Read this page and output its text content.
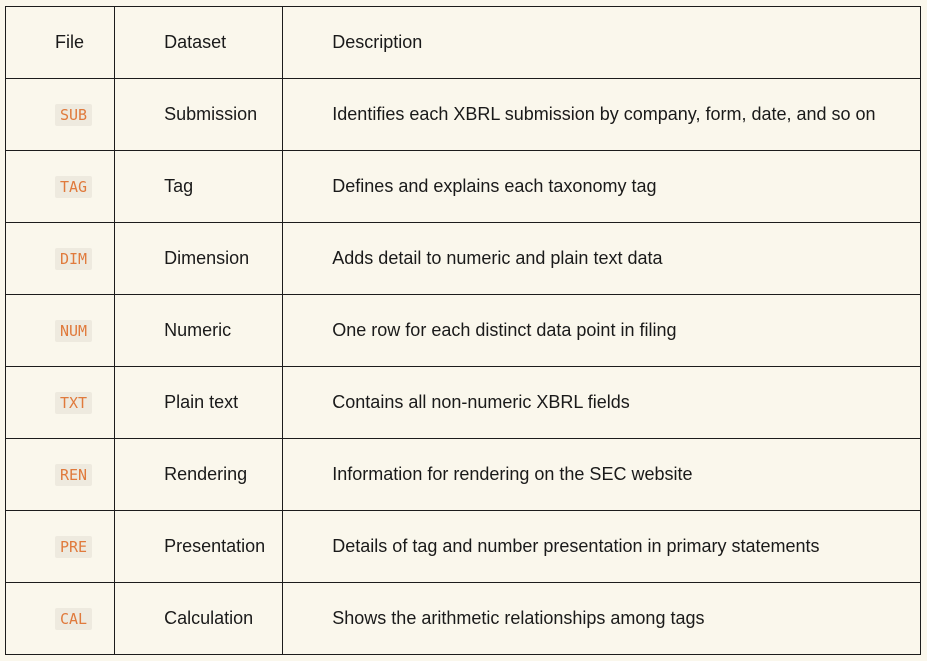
File	Dataset	Description
SUB	Submission	Identifies each XBRL submission by company, form, date, and so on
TAG	Tag	Defines and explains each taxonomy tag
DIM	Dimension	Adds detail to numeric and plain text data
NUM	Numeric	One row for each distinct data point in filing
TXT	Plain text	Contains all non-numeric XBRL fields
REN	Rendering	Information for rendering on the SEC website
PRE	Presentation	Details of tag and number presentation in primary statements
CAL	Calculation	Shows the arithmetic relationships among tags
